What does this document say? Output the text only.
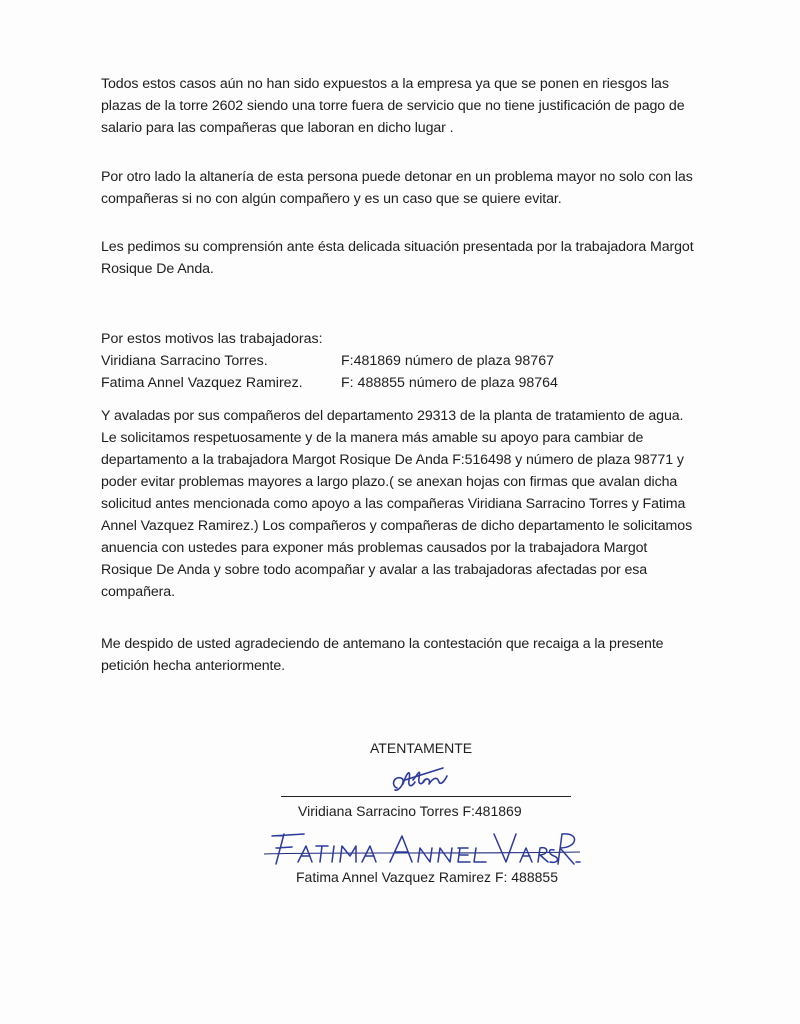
Todos estos casos aún no han sido expuestos a la empresa ya que se ponen en riesgos las plazas de la torre 2602 siendo una torre fuera de servicio que no tiene justificación de pago de salario para las compañeras que laboran en dicho lugar .
Por otro lado la altanería de esta persona puede detonar en un problema mayor no solo con las compañeras si no con algún compañero y es un caso que se quiere evitar.
Les pedimos su comprensión ante ésta delicada situación presentada por la trabajadora Margot Rosique De Anda.
Por estos motivos las trabajadoras:
Viridiana Sarracino Torres.	F:481869 número de plaza 98767
Fatima Annel Vazquez Ramirez.	F: 488855 número de plaza 98764
Y avaladas por sus compañeros del departamento 29313 de la planta de tratamiento de agua. Le solicitamos respetuosamente y de la manera más amable su apoyo para cambiar de departamento a la trabajadora Margot Rosique De Anda F:516498 y número de plaza 98771 y poder evitar problemas mayores a largo plazo.( se anexan hojas con firmas que avalan dicha solicitud antes mencionada como apoyo a las compañeras Viridiana Sarracino Torres y Fatima Annel Vazquez Ramirez.) Los compañeros y compañeras de dicho departamento le solicitamos anuencia con ustedes para exponer más problemas causados por la trabajadora Margot Rosique De Anda y sobre todo acompañar y avalar a las trabajadoras afectadas por esa compañera.
Me despido de usted agradeciendo de antemano la contestación que recaiga a la presente petición hecha anteriormente.
ATENTAMENTE
Viridiana Sarracino Torres F:481869
Fatima Annel Vazquez Ramirez F: 488855
